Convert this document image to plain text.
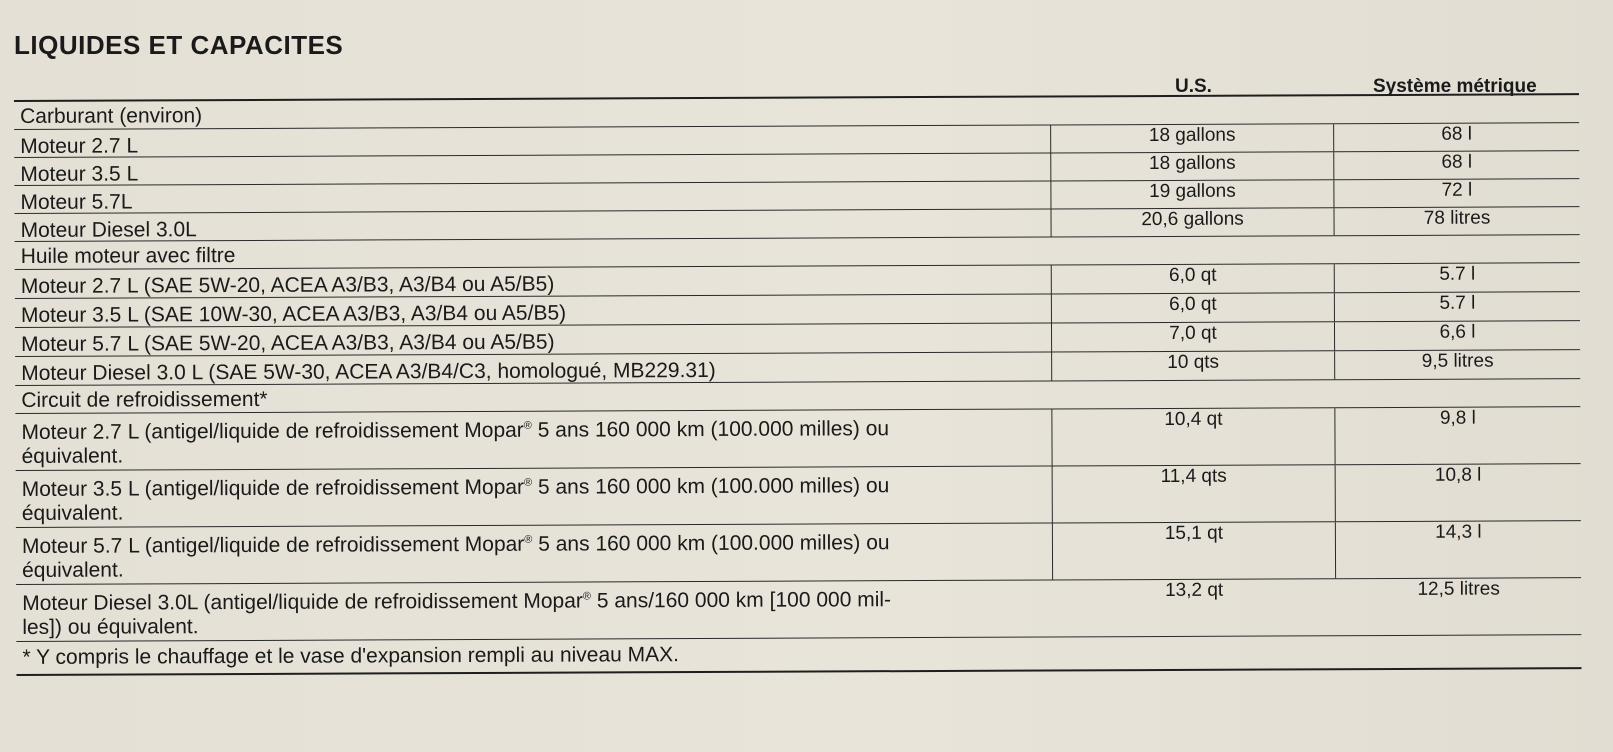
LIQUIDES ET CAPACITES
U.S.	Système métrique
Carburant (environ)
Moteur 2.7 L	18 gallons	68 l
Moteur 3.5 L	18 gallons	68 l
Moteur 5.7L	19 gallons	72 l
Moteur Diesel 3.0L	20,6 gallons	78 litres
Huile moteur avec filtre
Moteur 2.7 L (SAE 5W-20, ACEA A3/B3, A3/B4 ou A5/B5)	6,0 qt	5.7 l
Moteur 3.5 L (SAE 10W-30, ACEA A3/B3, A3/B4 ou A5/B5)	6,0 qt	5.7 l
Moteur 5.7 L (SAE 5W-20, ACEA A3/B3, A3/B4 ou A5/B5)	7,0 qt	6,6 l
Moteur Diesel 3.0 L (SAE 5W-30, ACEA A3/B4/C3, homologué, MB229.31)	10 qts	9,5 litres
Circuit de refroidissement*
Moteur 2.7 L (antigel/liquide de refroidissement Mopar® 5 ans 160 000 km (100.000 milles) ou
équivalent.
10,4 qt	9,8 l
Moteur 3.5 L (antigel/liquide de refroidissement Mopar® 5 ans 160 000 km (100.000 milles) ou
équivalent.
11,4 qts	10,8 l
Moteur 5.7 L (antigel/liquide de refroidissement Mopar® 5 ans 160 000 km (100.000 milles) ou
équivalent.
15,1 qt	14,3 l
Moteur Diesel 3.0L (antigel/liquide de refroidissement Mopar® 5 ans/160 000 km [100 000 mil-
les]) ou équivalent.
13,2 qt	12,5 litres
* Y compris le chauffage et le vase d'expansion rempli au niveau MAX.
